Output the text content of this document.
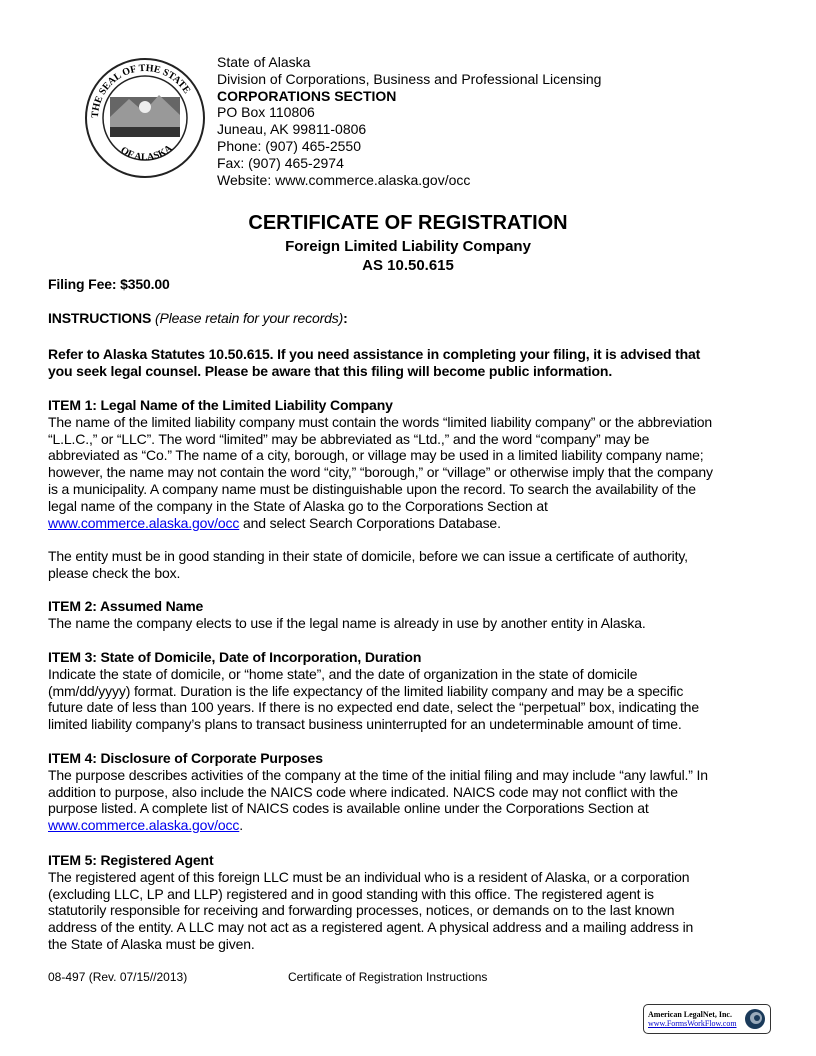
THE SEAL OF THE STATE
OF ALASKA
State of Alaska
Division of Corporations, Business and Professional Licensing
CORPORATIONS SECTION
PO Box 110806
Juneau, AK 99811-0806
Phone: (907) 465-2550
Fax: (907) 465-2974
Website: www.commerce.alaska.gov/occ
CERTIFICATE OF REGISTRATION
Foreign Limited Liability Company
AS 10.50.615
Filing Fee: $350.00
INSTRUCTIONS (Please retain for your records):
Refer to Alaska Statutes 10.50.615. If you need assistance in completing your filing, it is advised that
you seek legal counsel. Please be aware that this filing will become public information.
ITEM 1: Legal Name of the Limited Liability Company
The name of the limited liability company must contain the words “limited liability company” or the abbreviation
“L.L.C.,” or “LLC”. The word “limited” may be abbreviated as “Ltd.,” and the word “company” may be
abbreviated as “Co.” The name of a city, borough, or village may be used in a limited liability company name;
however, the name may not contain the word “city,” “borough,” or “village” or otherwise imply that the company
is a municipality. A company name must be distinguishable upon the record. To search the availability of the
legal name of the company in the State of Alaska go to the Corporations Section at
www.commerce.alaska.gov/occ and select Search Corporations Database.
The entity must be in good standing in their state of domicile, before we can issue a certificate of authority,
please check the box.
ITEM 2: Assumed Name
The name the company elects to use if the legal name is already in use by another entity in Alaska.
ITEM 3: State of Domicile, Date of Incorporation, Duration
Indicate the state of domicile, or “home state”, and the date of organization in the state of domicile
(mm/dd/yyyy) format. Duration is the life expectancy of the limited liability company and may be a specific
future date of less than 100 years. If there is no expected end date, select the “perpetual” box, indicating the
limited liability company’s plans to transact business uninterrupted for an undeterminable amount of time.
ITEM 4: Disclosure of Corporate Purposes
The purpose describes activities of the company at the time of the initial filing and may include “any lawful.” In
addition to purpose, also include the NAICS code where indicated. NAICS code may not conflict with the
purpose listed. A complete list of NAICS codes is available online under the Corporations Section at
www.commerce.alaska.gov/occ.
ITEM 5: Registered Agent
The registered agent of this foreign LLC must be an individual who is a resident of Alaska, or a corporation
(excluding LLC, LP and LLP) registered and in good standing with this office. The registered agent is
statutorily responsible for receiving and forwarding processes, notices, or demands on to the last known
address of the entity. A LLC may not act as a registered agent. A physical address and a mailing address in
the State of Alaska must be given.
08-497 (Rev. 07/15//2013)	Certificate of Registration Instructions
American LegalNet, Inc.
www.FormsWorkFlow.com
